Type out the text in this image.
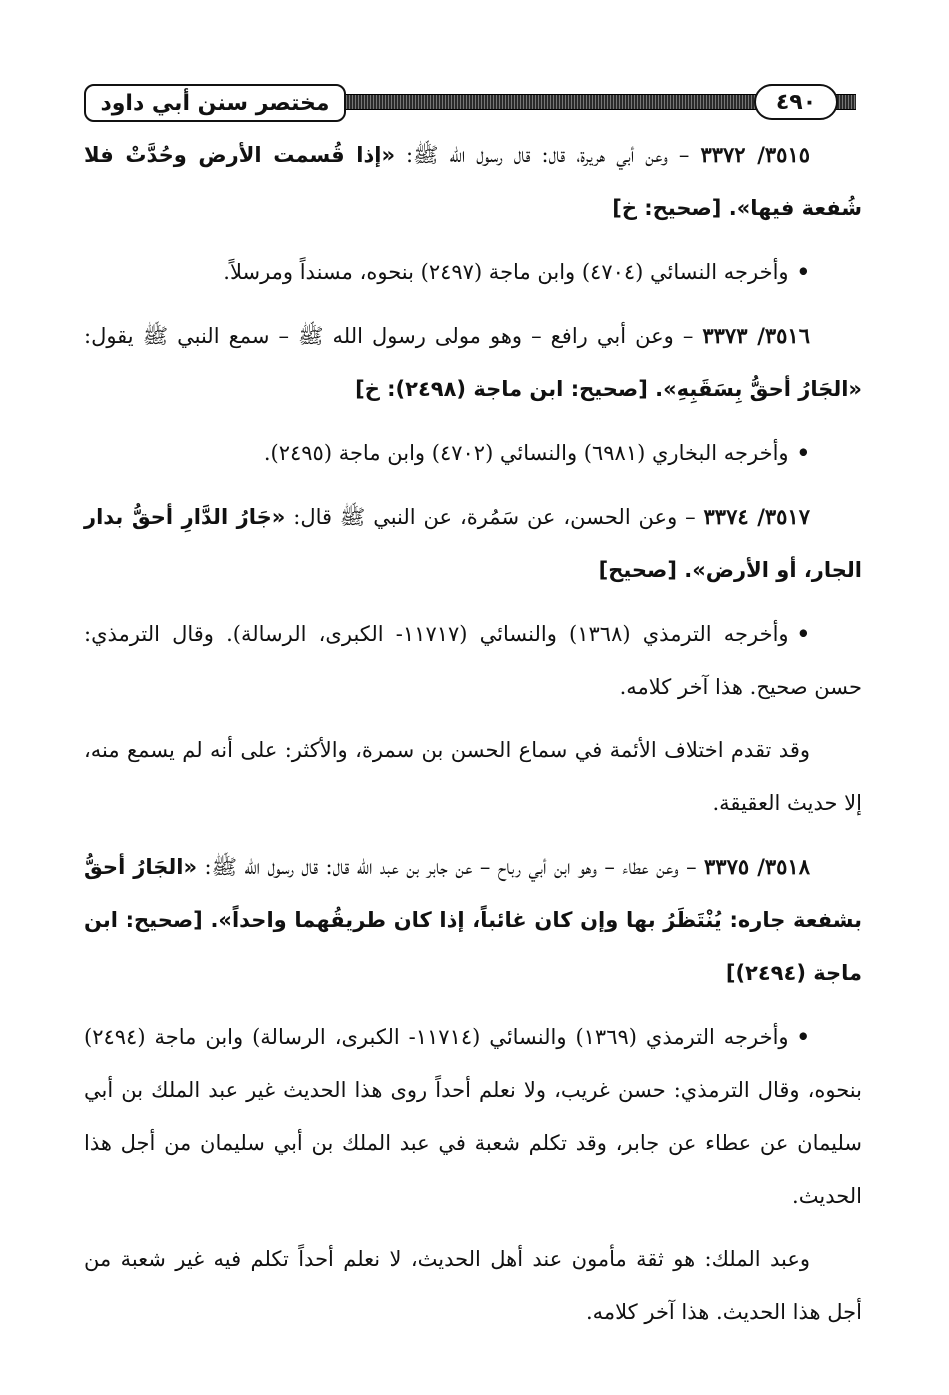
مختصر سنن أبي داود	٤٩٠

٣٥١٥/ ٣٣٧٢ – وعن أبي هريرة، قال: قال رسول الله ﷺ: «إذا قُسمت الأرض وحُدَّتْ فلا شُفعة فيها». [صحيح: خ]

•وأخرجه النسائي (٤٧٠٤) وابن ماجة (٢٤٩٧) بنحوه، مسنداً ومرسلاً.

٣٥١٦/ ٣٣٧٣ – وعن أبي رافع – وهو مولى رسول الله ﷺ – سمع النبي ﷺ يقول: «الجَارُ أحقُّ بِسَقَبِهِ». [صحيح: ابن ماجة (٢٤٩٨): خ]

•وأخرجه البخاري (٦٩٨١) والنسائي (٤٧٠٢) وابن ماجة (٢٤٩٥).

٣٥١٧/ ٣٣٧٤ – وعن الحسن، عن سَمُرة، عن النبي ﷺ قال: «جَارُ الدَّارِ أحقُّ بدار الجار، أو الأرض». [صحيح]

•وأخرجه الترمذي (١٣٦٨) والنسائي (١١٧١٧- الكبرى، الرسالة). وقال الترمذي: حسن صحيح. هذا آخر كلامه.

وقد تقدم اختلاف الأئمة في سماع الحسن بن سمرة، والأكثر: على أنه لم يسمع منه، إلا حديث العقيقة.

٣٥١٨/ ٣٣٧٥ – وعن عطاء – وهو ابن أبي رباح – عن جابر بن عبد الله قال: قال رسول الله ﷺ: «الجَارُ أحقُّ بشفعة جاره: يُنْتَظَرُ بها وإن كان غائباً، إذا كان طريقُهما واحداً». [صحيح: ابن ماجة (٢٤٩٤)]

•وأخرجه الترمذي (١٣٦٩) والنسائي (١١٧١٤- الكبرى، الرسالة) وابن ماجة (٢٤٩٤) بنحوه، وقال الترمذي: حسن غريب، ولا نعلم أحداً روى هذا الحديث غير عبد الملك بن أبي سليمان عن عطاء عن جابر، وقد تكلم شعبة في عبد الملك بن أبي سليمان من أجل هذا الحديث.

وعبد الملك: هو ثقة مأمون عند أهل الحديث، لا نعلم أحداً تكلم فيه غير شعبة من أجل هذا الحديث. هذا آخر كلامه.
